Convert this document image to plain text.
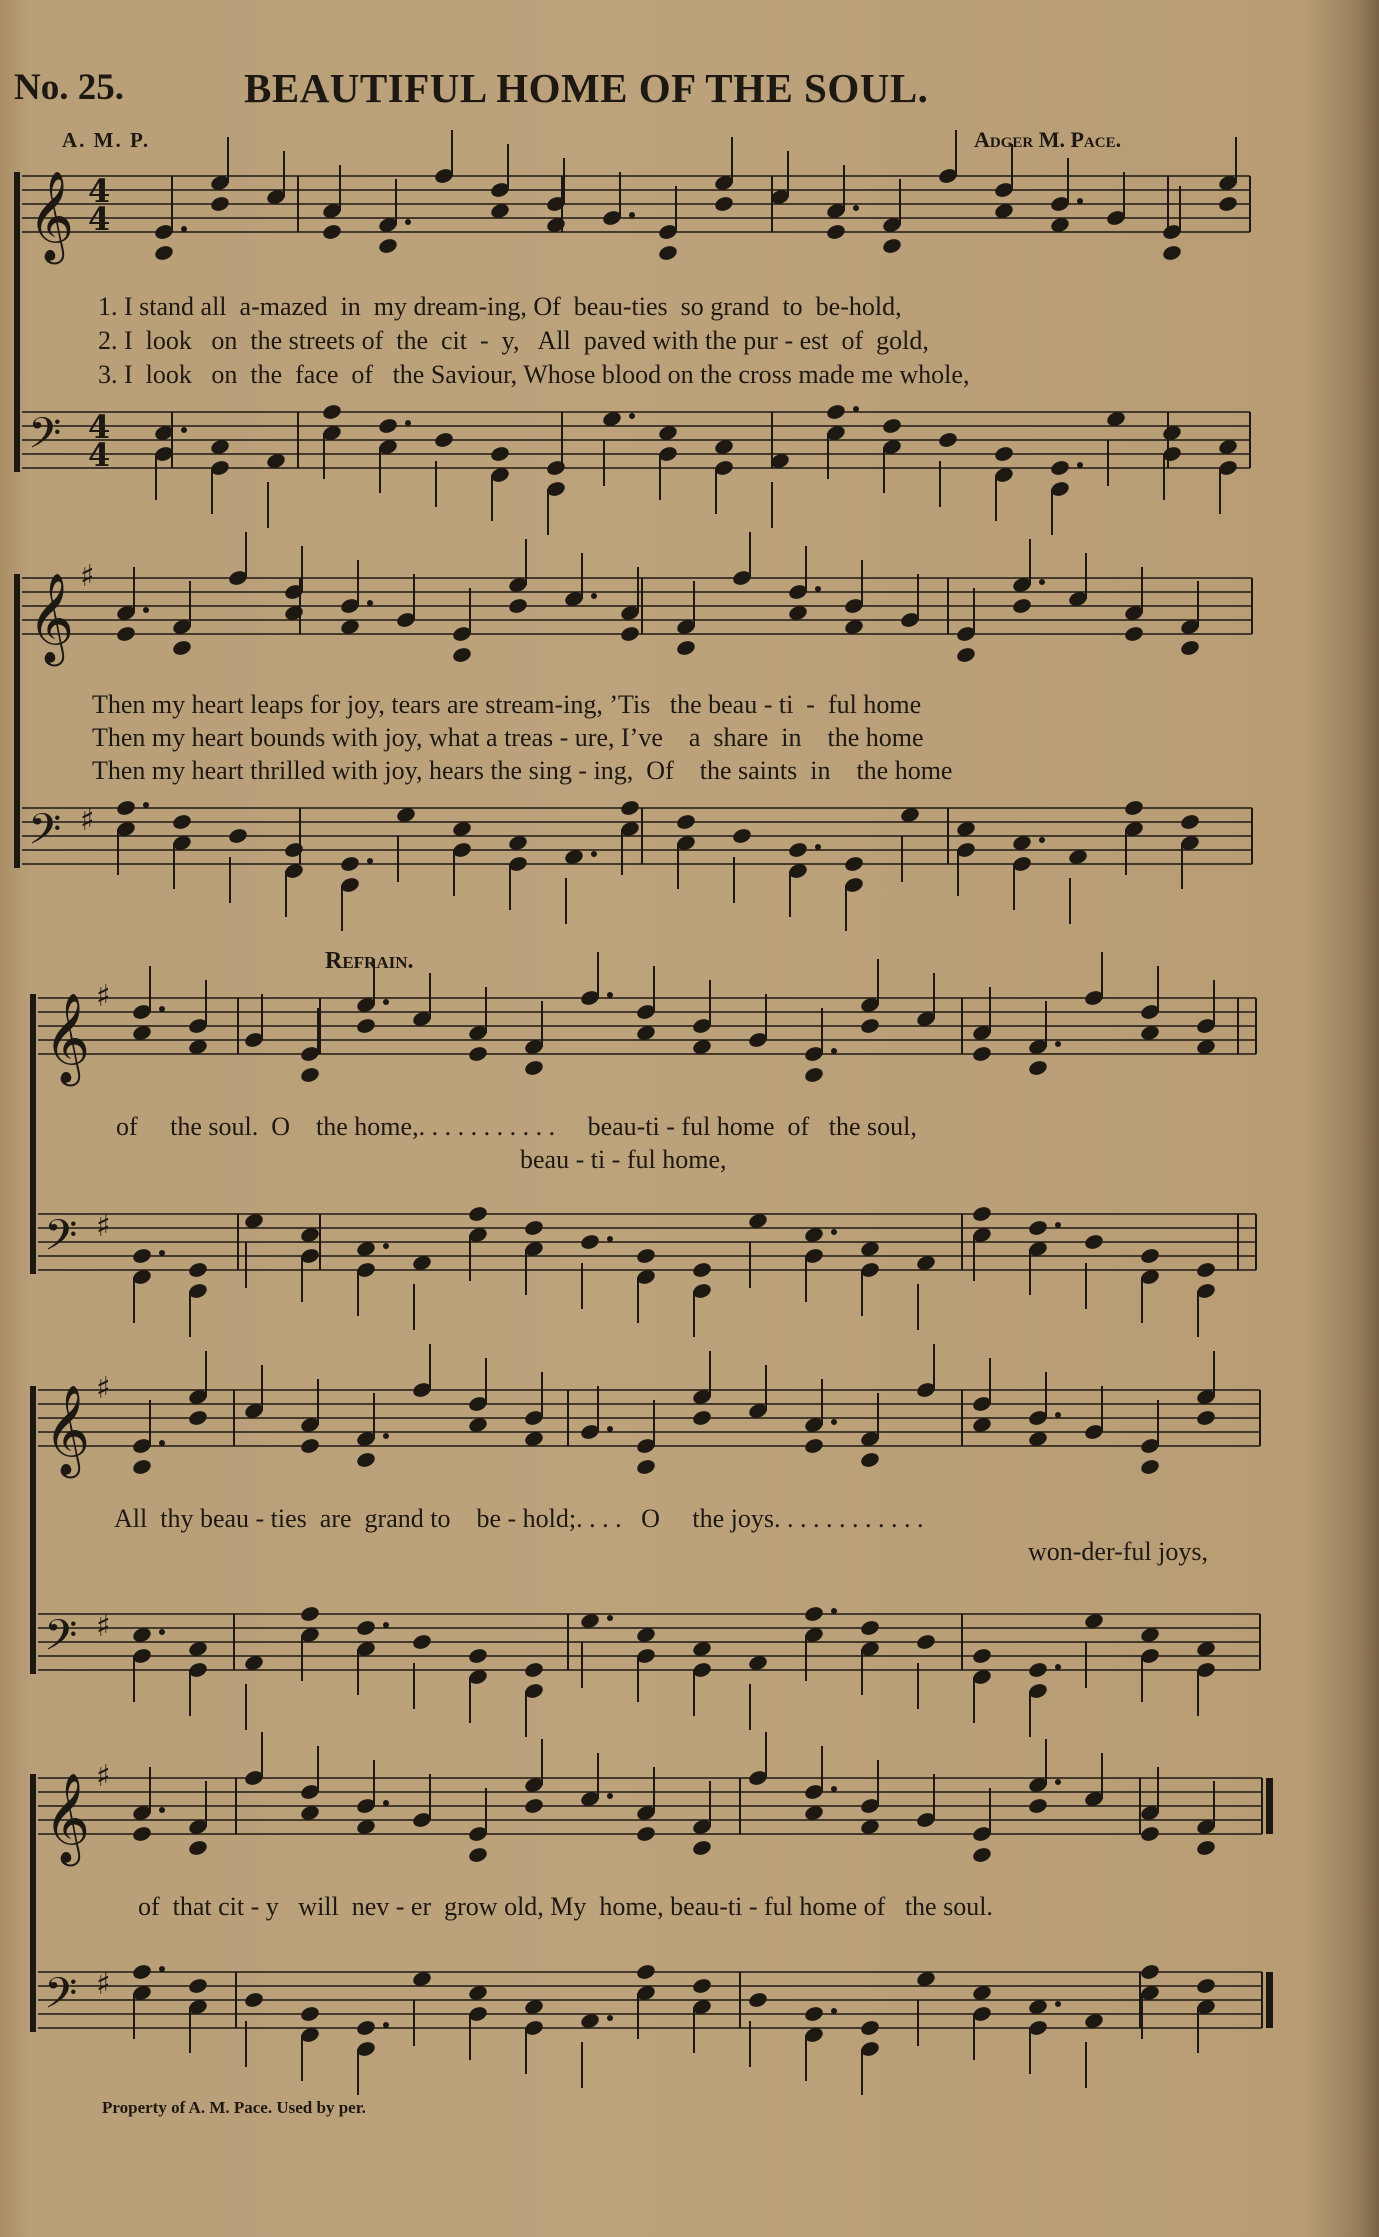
No. 25.	BEAUTIFUL HOME OF THE SOUL.
A. M. P.	Adger M. Pace.
𝄞 4
4
𝄢 4
4
𝄞 ♯
𝄢 ♯
𝄞 ♯
𝄢 ♯
𝄞 ♯
𝄢 ♯
𝄞 ♯
𝄢 ♯
1. I stand all  a-mazed  in  my dream-ing, Of  beau-ties  so grand  to  be-hold,
2. I  look   on  the streets of  the  cit  -  y,   All  paved with the pur - est  of  gold,
3. I  look   on  the  face  of   the Saviour, Whose blood on the cross made me whole,
Then my heart leaps for joy, tears are stream-ing, ’Tis   the beau - ti  -  ful home
Then my heart bounds with joy, what a treas - ure, I’ve    a  share  in    the home
Then my heart thrilled with joy, hears the sing - ing,  Of    the saints  in    the home
Refrain.
of     the soul.  O    the home,. . . . . . . . . . .     beau-ti - ful home  of   the soul,
beau - ti - ful home,
All  thy beau - ties  are  grand to    be - hold;. . . .   O     the joys. . . . . . . . . . . .
won-der-ful joys,
of  that cit - y   will  nev - er  grow old, My  home, beau-ti - ful home of   the soul.
Property of A. M. Pace. Used by per.
